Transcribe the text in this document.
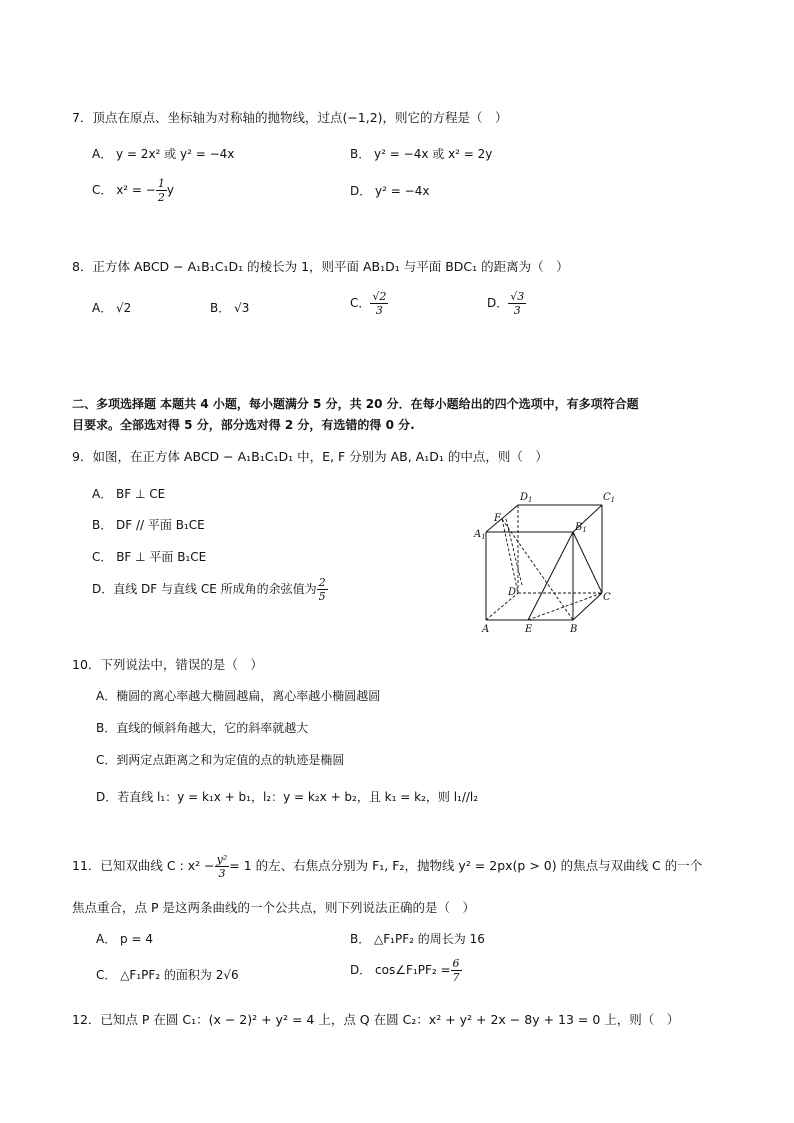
7．顶点在原点、坐标轴为对称轴的抛物线，过点(−1,2)，则它的方程是（　）
A． y = 2x² 或 y² = −4x	B． y² = −4x 或 x² = 2y
C． x² = − $\frac{1}{2}$ y	D． y² = −4x
8．正方体 ABCD − A₁B₁C₁D₁ 的棱长为 1，则平面 AB₁D₁ 与平面 BDC₁ 的距离为（　）
A． √2	B． √3	C． $\frac{√2}{3}$	D． $\frac{√3}{3}$
二、多项选择题 本题共 4 小题，每小题满分 5 分，共 20 分．在每小题给出的四个选项中，有多项符合题
目要求。全部选对得 5 分，部分选对得 2 分，有选错的得 0 分.
9．如图，在正方体 ABCD − A₁B₁C₁D₁ 中，E, F 分别为 AB, A₁D₁ 的中点，则（　）
A． BF ⊥ CE
B． DF // 平面 B₁CE
C． BF ⊥ 平面 B₁CE
D．直线 DF 与直线 CE 所成角的余弦值为 $\frac{2}{5}$
$D_1$	$C_1$
F
$A_1$
$B_1$
D	C
A	E	B
10．下列说法中，错误的是（　）
A．椭圆的离心率越大椭圆越扁，离心率越小椭圆越圆
B．直线的倾斜角越大，它的斜率就越大
C．到两定点距离之和为定值的点的轨迹是椭圆
D．若直线 l₁：y = k₁x + b₁，l₂：y = k₂x + b₂，且 k₁ = k₂，则 l₁//l₂
11．已知双曲线 C : $x^2 - \frac{\text{y²}}{3} = 1$ 的左、右焦点分别为 F₁, F₂，抛物线 y² = 2px(p > 0) 的焦点与双曲线 C 的一个
焦点重合，点 P 是这两条曲线的一个公共点，则下列说法正确的是（　）
A． p = 4	B． △F₁PF₂ 的周长为 16
C． △F₁PF₂ 的面积为 2√6	D． cos∠F₁PF₂ = $\frac{6}{7}$
12．已知点 P 在圆 C₁：(x − 2)² + y² = 4 上，点 Q 在圆 C₂：x² + y² + 2x − 8y + 13 = 0 上，则（　）
